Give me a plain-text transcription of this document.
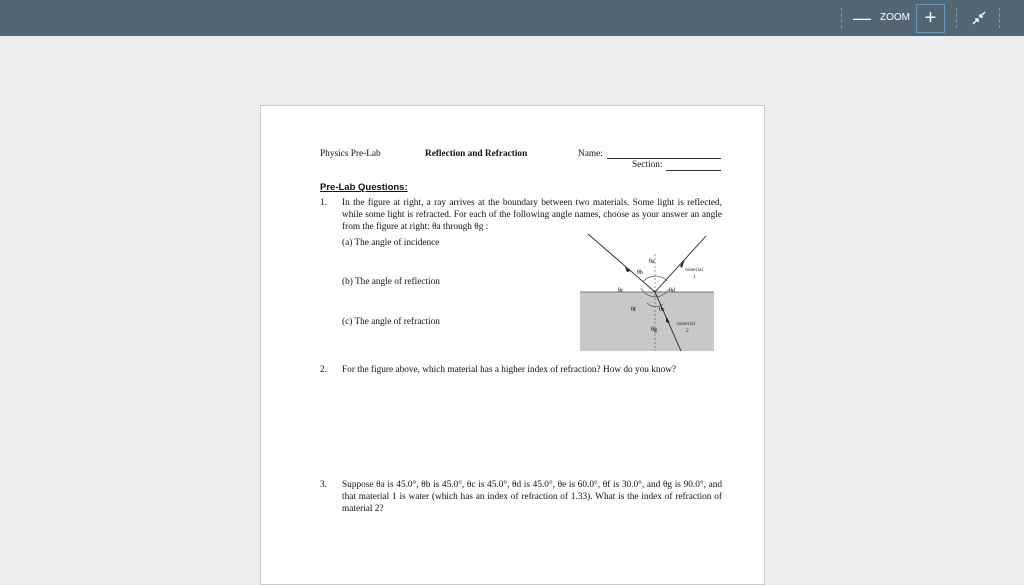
— ZOOM +
Physics Pre-Lab	Reflection and Refraction	Name:
Section:
Pre-Lab Questions:
1. In the figure at right, a ray arrives at the boundary between two materials. Some light is reflected, while some light is refracted. For each of the following angle names, choose as your answer an angle from the figure at right: θa through θg :
(a) The angle of incidence
(b) The angle of reflection
(c) The angle of refraction
θa
θb
θc	θd
θe
θf
θg
material
1
material
2
2. For the figure above, which material has a higher index of refraction? How do you know?
3. Suppose θa is 45.0°, θb is 45.0°, θc is 45.0°, θd is 45.0°, θe is 60.0°, θf is 30.0°, and θg is 90.0°, and that material 1 is water (which has an index of refraction of 1.33). What is the index of refraction of material 2?
